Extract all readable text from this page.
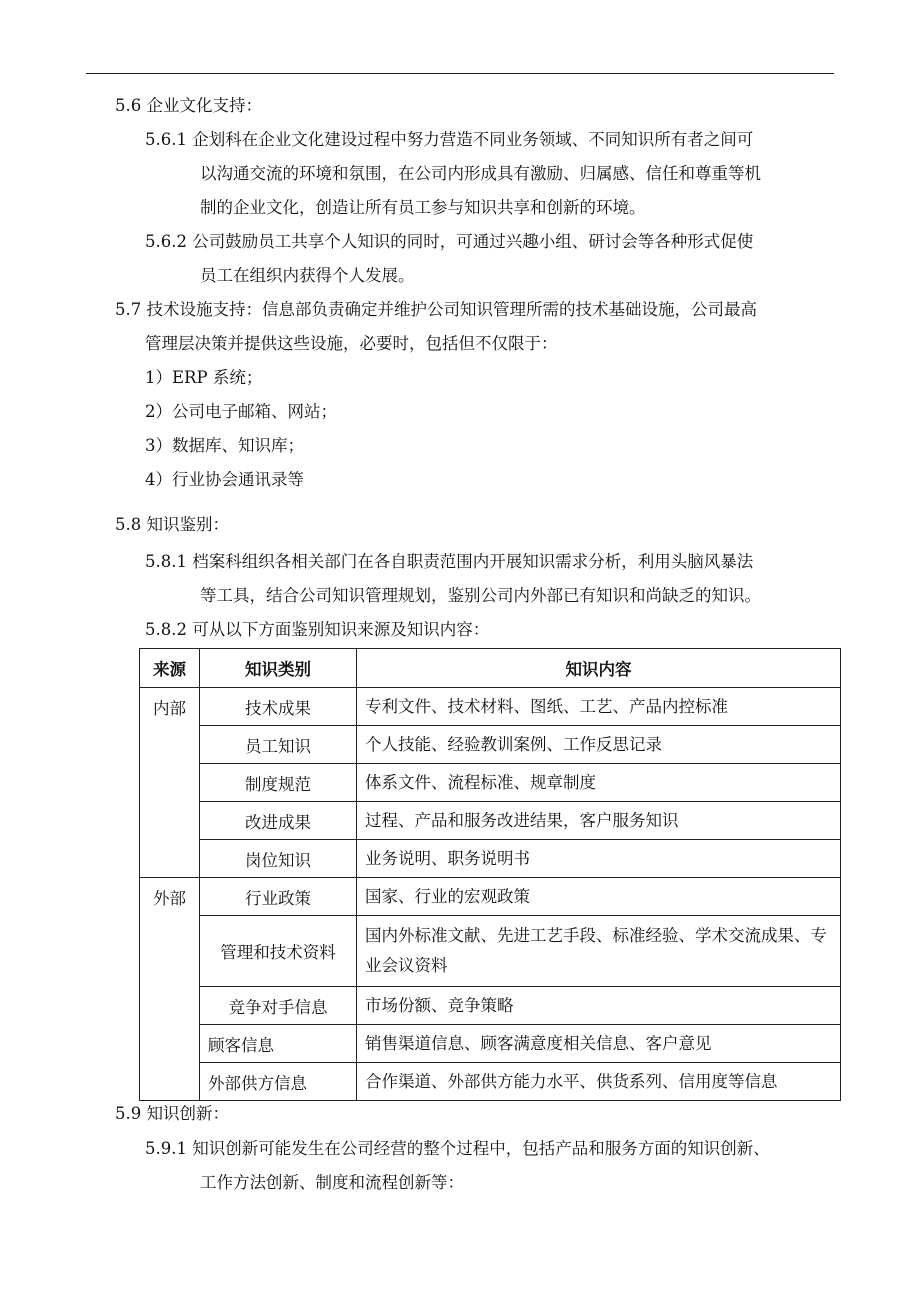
5.6 企业文化支持：

5.6.1 企划科在企业文化建设过程中努力营造不同业务领域、不同知识所有者之间可
以沟通交流的环境和氛围，在公司内形成具有激励、归属感、信任和尊重等机
制的企业文化，创造让所有员工参与知识共享和创新的环境。

5.6.2 公司鼓励员工共享个人知识的同时，可通过兴趣小组、研讨会等各种形式促使
员工在组织内获得个人发展。

5.7 技术设施支持：信息部负责确定并维护公司知识管理所需的技术基础设施，公司最高
管理层决策并提供这些设施，必要时，包括但不仅限于：

1）ERP 系统；
2）公司电子邮箱、网站；
3）数据库、知识库；
4）行业协会通讯录等

5.8 知识鉴别：

5.8.1 档案科组织各相关部门在各自职责范围内开展知识需求分析，利用头脑风暴法
等工具，结合公司知识管理规划，鉴别公司内外部已有知识和尚缺乏的知识。

5.8.2 可从以下方面鉴别知识来源及知识内容：

来源	知识类别	知识内容
内部	技术成果	专利文件、技术材料、图纸、工艺、产品内控标准
	员工知识	个人技能、经验教训案例、工作反思记录
	制度规范	体系文件、流程标准、规章制度
	改进成果	过程、产品和服务改进结果，客户服务知识
	岗位知识	业务说明、职务说明书
外部	行业政策	国家、行业的宏观政策
	管理和技术资料	国内外标准文献、先进工艺手段、标准经验、学术交流成果、专业会议资料
	竞争对手信息	市场份额、竞争策略
	顾客信息	销售渠道信息、顾客满意度相关信息、客户意见
	外部供方信息	合作渠道、外部供方能力水平、供货系列、信用度等信息

5.9 知识创新：

5.9.1 知识创新可能发生在公司经营的整个过程中，包括产品和服务方面的知识创新、
工作方法创新、制度和流程创新等：
